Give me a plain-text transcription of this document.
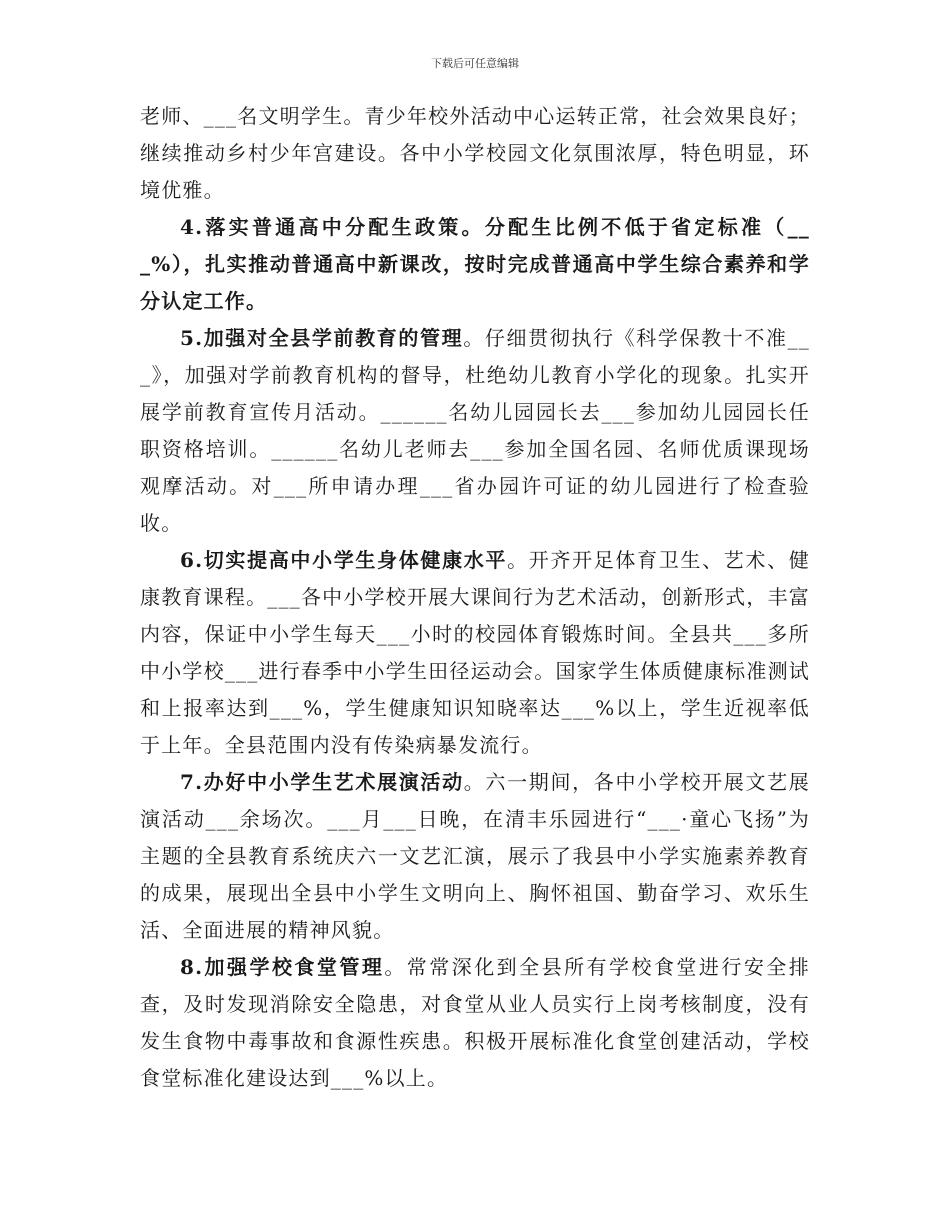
下载后可任意编辑

老师、___名文明学生。青少年校外活动中心运转正常，社会效果良好；继续推动乡村少年宫建设。各中小学校园文化氛围浓厚，特色明显，环境优雅。

4.落实普通高中分配生政策。分配生比例不低于省定标准（___%），扎实推动普通高中新课改，按时完成普通高中学生综合素养和学分认定工作。

5.加强对全县学前教育的管理。仔细贯彻执行《科学保教十不准___》，加强对学前教育机构的督导，杜绝幼儿教育小学化的现象。扎实开展学前教育宣传月活动。______名幼儿园园长去___参加幼儿园园长任职资格培训。______名幼儿老师去___参加全国名园、名师优质课现场观摩活动。对___所申请办理___省办园许可证的幼儿园进行了检查验收。

6.切实提高中小学生身体健康水平。开齐开足体育卫生、艺术、健康教育课程。___各中小学校开展大课间行为艺术活动，创新形式，丰富内容，保证中小学生每天___小时的校园体育锻炼时间。全县共___多所中小学校___进行春季中小学生田径运动会。国家学生体质健康标准测试和上报率达到___%，学生健康知识知晓率达___%以上，学生近视率低于上年。全县范围内没有传染病暴发流行。

7.办好中小学生艺术展演活动。六一期间，各中小学校开展文艺展演活动___余场次。___月___日晚，在清丰乐园进行“___·童心飞扬”为主题的全县教育系统庆六一文艺汇演，展示了我县中小学实施素养教育的成果，展现出全县中小学生文明向上、胸怀祖国、勤奋学习、欢乐生活、全面进展的精神风貌。

8.加强学校食堂管理。常常深化到全县所有学校食堂进行安全排查，及时发现消除安全隐患，对食堂从业人员实行上岗考核制度，没有发生食物中毒事故和食源性疾患。积极开展标准化食堂创建活动，学校食堂标准化建设达到___%以上。
